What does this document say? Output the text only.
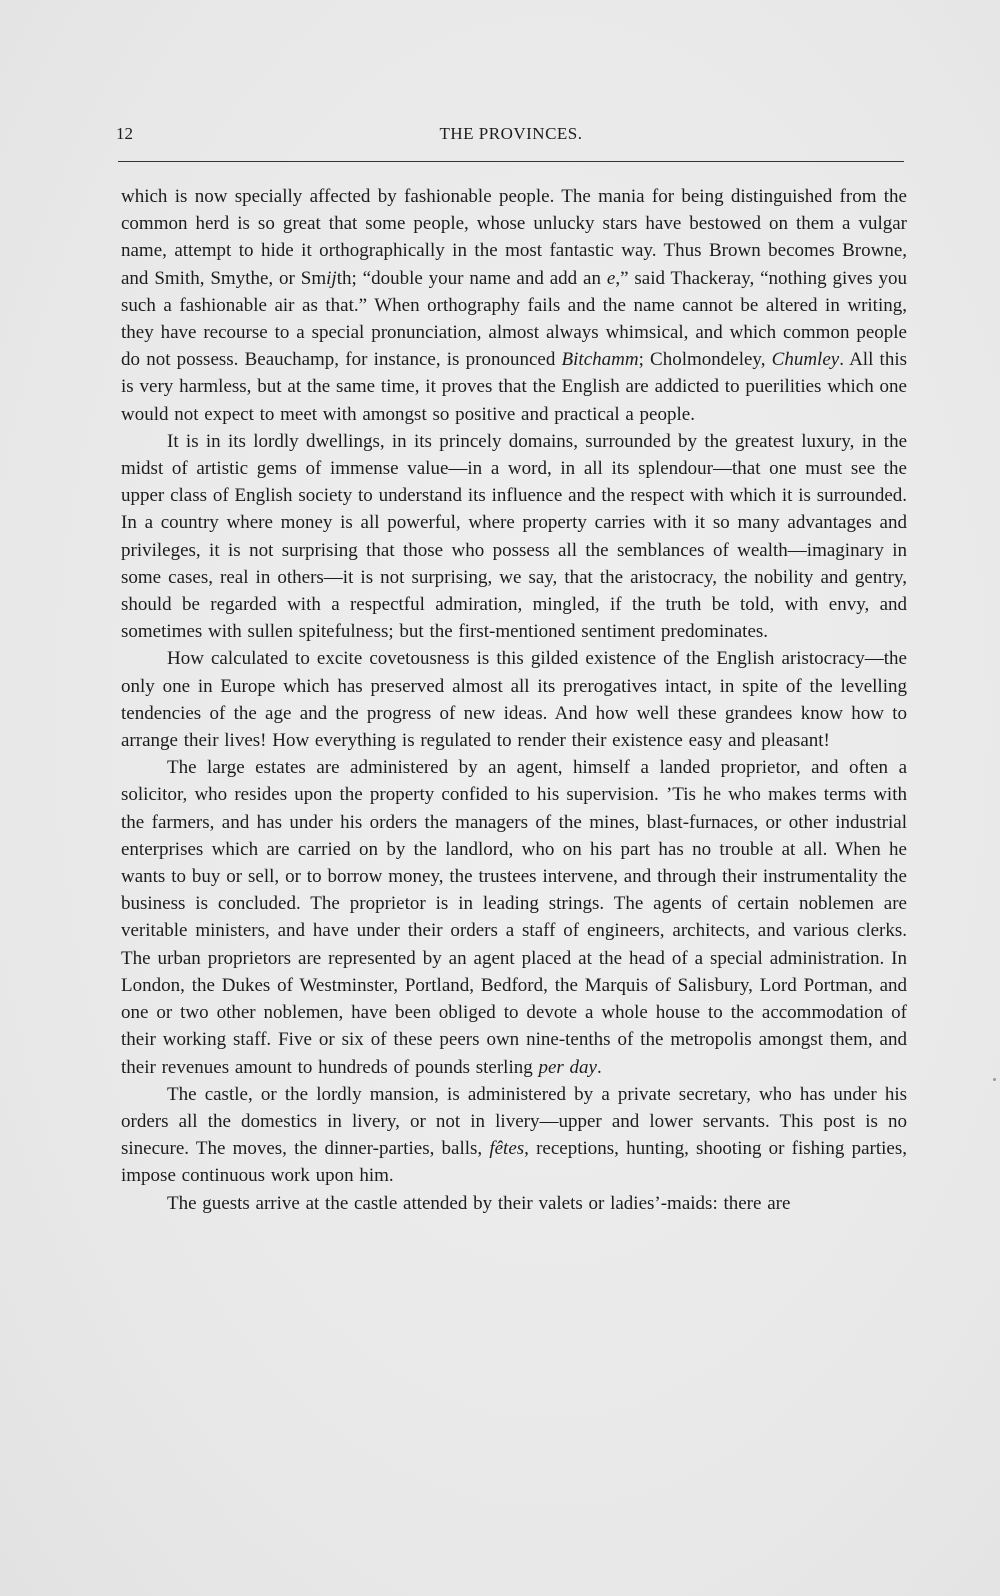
12	THE PROVINCES.

which is now specially affected by fashionable people. The mania for being distinguished from the common herd is so great that some people, whose unlucky stars have bestowed on them a vulgar name, attempt to hide it orthographically in the most fantastic way. Thus Brown becomes Browne, and Smith, Smythe, or Smijth; “double your name and add an e,” said Thackeray, “nothing gives you such a fashionable air as that.” When orthography fails and the name cannot be altered in writing, they have recourse to a special pronunciation, almost always whimsical, and which common people do not possess. Beauchamp, for instance, is pronounced Bitchamm; Cholmondeley, Chumley. All this is very harmless, but at the same time, it proves that the English are addicted to puerilities which one would not expect to meet with amongst so positive and practical a people.

It is in its lordly dwellings, in its princely domains, surrounded by the greatest luxury, in the midst of artistic gems of immense value—in a word, in all its splendour—that one must see the upper class of English society to understand its influence and the respect with which it is surrounded. In a country where money is all powerful, where property carries with it so many advantages and privileges, it is not surprising that those who possess all the semblances of wealth—imaginary in some cases, real in others—it is not surprising, we say, that the aristocracy, the nobility and gentry, should be regarded with a respectful admiration, mingled, if the truth be told, with envy, and sometimes with sullen spitefulness; but the first-mentioned sentiment predominates.

How calculated to excite covetousness is this gilded existence of the English aristocracy—the only one in Europe which has preserved almost all its prerogatives intact, in spite of the levelling tendencies of the age and the progress of new ideas. And how well these grandees know how to arrange their lives! How everything is regulated to render their existence easy and pleasant!

The large estates are administered by an agent, himself a landed proprietor, and often a solicitor, who resides upon the property confided to his supervision. ’Tis he who makes terms with the farmers, and has under his orders the managers of the mines, blast-furnaces, or other industrial enterprises which are carried on by the landlord, who on his part has no trouble at all. When he wants to buy or sell, or to borrow money, the trustees intervene, and through their instrumentality the business is concluded. The proprietor is in leading strings. The agents of certain noblemen are veritable ministers, and have under their orders a staff of engineers, architects, and various clerks. The urban proprietors are represented by an agent placed at the head of a special administration. In London, the Dukes of Westminster, Portland, Bedford, the Marquis of Salisbury, Lord Portman, and one or two other noblemen, have been obliged to devote a whole house to the accommodation of their working staff. Five or six of these peers own nine-tenths of the metropolis amongst them, and their revenues amount to hundreds of pounds sterling per day.

The castle, or the lordly mansion, is administered by a private secretary, who has under his orders all the domestics in livery, or not in livery—upper and lower servants. This post is no sinecure. The moves, the dinner-parties, balls, fêtes, receptions, hunting, shooting or fishing parties, impose continuous work upon him.

The guests arrive at the castle attended by their valets or ladies’-maids: there are
